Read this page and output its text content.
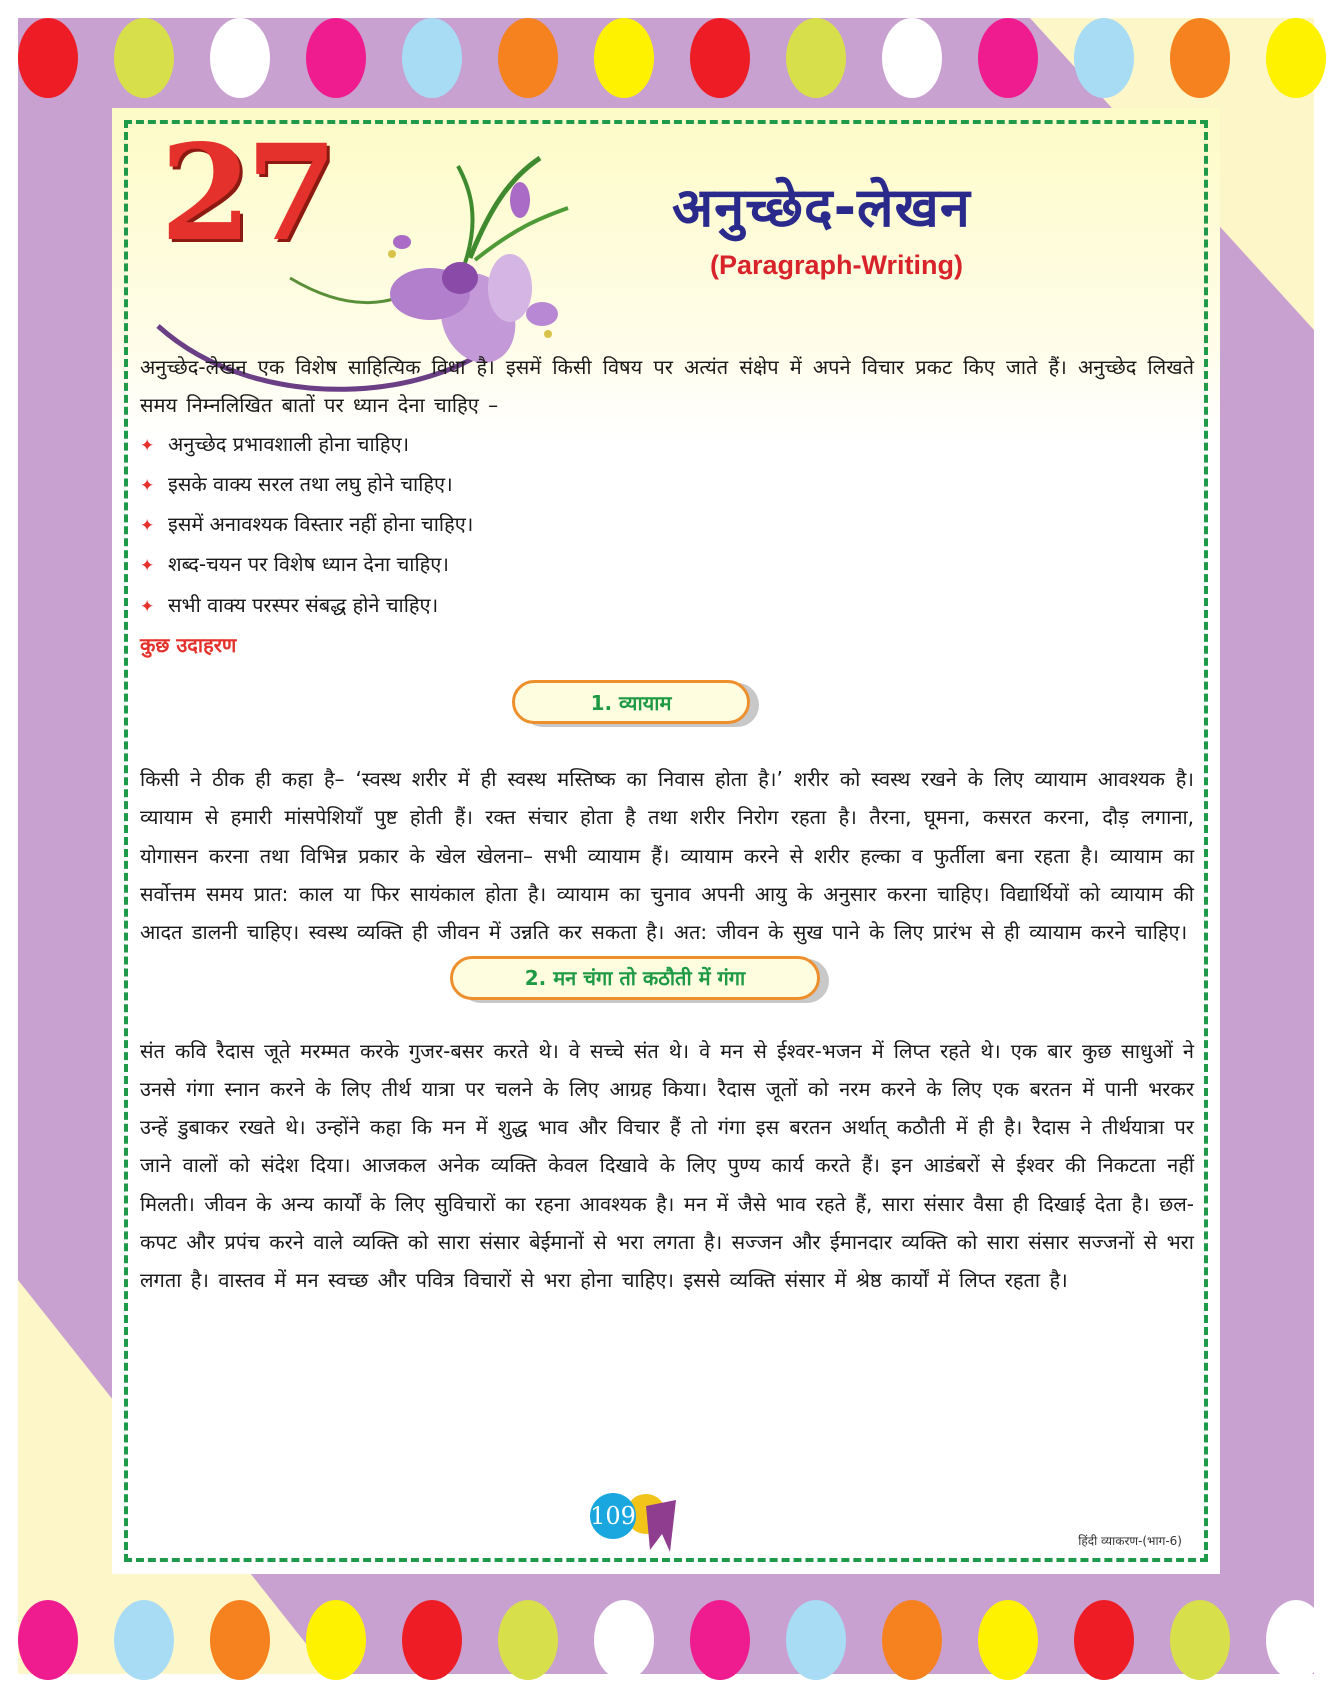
27	अनुच्छेद-लेखन
(Paragraph-Writing)

अनुच्छेद-लेखन एक विशेष साहित्यिक विधा है। इसमें किसी विषय पर अत्यंत संक्षेप में अपने विचार प्रकट किए जाते हैं। अनुच्छेद लिखते समय निम्नलिखित बातों पर ध्यान देना चाहिए –

✦ अनुच्छेद प्रभावशाली होना चाहिए।
✦ इसके वाक्य सरल तथा लघु होने चाहिए।
✦ इसमें अनावश्यक विस्तार नहीं होना चाहिए।
✦ शब्द-चयन पर विशेष ध्यान देना चाहिए।
✦ सभी वाक्य परस्पर संबद्ध होने चाहिए।
कुछ उदाहरण
1. व्यायाम

किसी ने ठीक ही कहा है– ‘स्वस्थ शरीर में ही स्वस्थ मस्तिष्क का निवास होता है।’ शरीर को स्वस्थ रखने के लिए व्यायाम आवश्यक है। व्यायाम से हमारी मांसपेशियाँ पुष्ट होती हैं। रक्त संचार होता है तथा शरीर निरोग रहता है। तैरना, घूमना, कसरत करना, दौड़ लगाना, योगासन करना तथा विभिन्न प्रकार के खेल खेलना– सभी व्यायाम हैं। व्यायाम करने से शरीर हल्का व फुर्तीला बना रहता है। व्यायाम का सर्वोत्तम समय प्रात: काल या फिर सायंकाल होता है। व्यायाम का चुनाव अपनी आयु के अनुसार करना चाहिए। विद्यार्थियों को व्यायाम की आदत डालनी चाहिए। स्वस्थ व्यक्ति ही जीवन में उन्नति कर सकता है। अत: जीवन के सुख पाने के लिए प्रारंभ से ही व्यायाम करने चाहिए।

2. मन चंगा तो कठौती में गंगा

संत कवि रैदास जूते मरम्मत करके गुजर-बसर करते थे। वे सच्चे संत थे। वे मन से ईश्वर-भजन में लिप्त रहते थे। एक बार कुछ साधुओं ने उनसे गंगा स्नान करने के लिए तीर्थ यात्रा पर चलने के लिए आग्रह किया। रैदास जूतों को नरम करने के लिए एक बरतन में पानी भरकर उन्हें डुबाकर रखते थे। उन्होंने कहा कि मन में शुद्ध भाव और विचार हैं तो गंगा इस बरतन अर्थात् कठौती में ही है। रैदास ने तीर्थयात्रा पर जाने वालों को संदेश दिया। आजकल अनेक व्यक्ति केवल दिखावे के लिए पुण्य कार्य करते हैं। इन आडंबरों से ईश्वर की निकटता नहीं मिलती। जीवन के अन्य कार्यों के लिए सुविचारों का रहना आवश्यक है। मन में जैसे भाव रहते हैं, सारा संसार वैसा ही दिखाई देता है। छल-कपट और प्रपंच करने वाले व्यक्ति को सारा संसार बेईमानों से भरा लगता है। सज्जन और ईमानदार व्यक्ति को सारा संसार सज्जनों से भरा लगता है। वास्तव में मन स्वच्छ और पवित्र विचारों से भरा होना चाहिए। इससे व्यक्ति संसार में श्रेष्ठ कार्यों में लिप्त रहता है।

109
हिंदी व्याकरण-(भाग-6)
